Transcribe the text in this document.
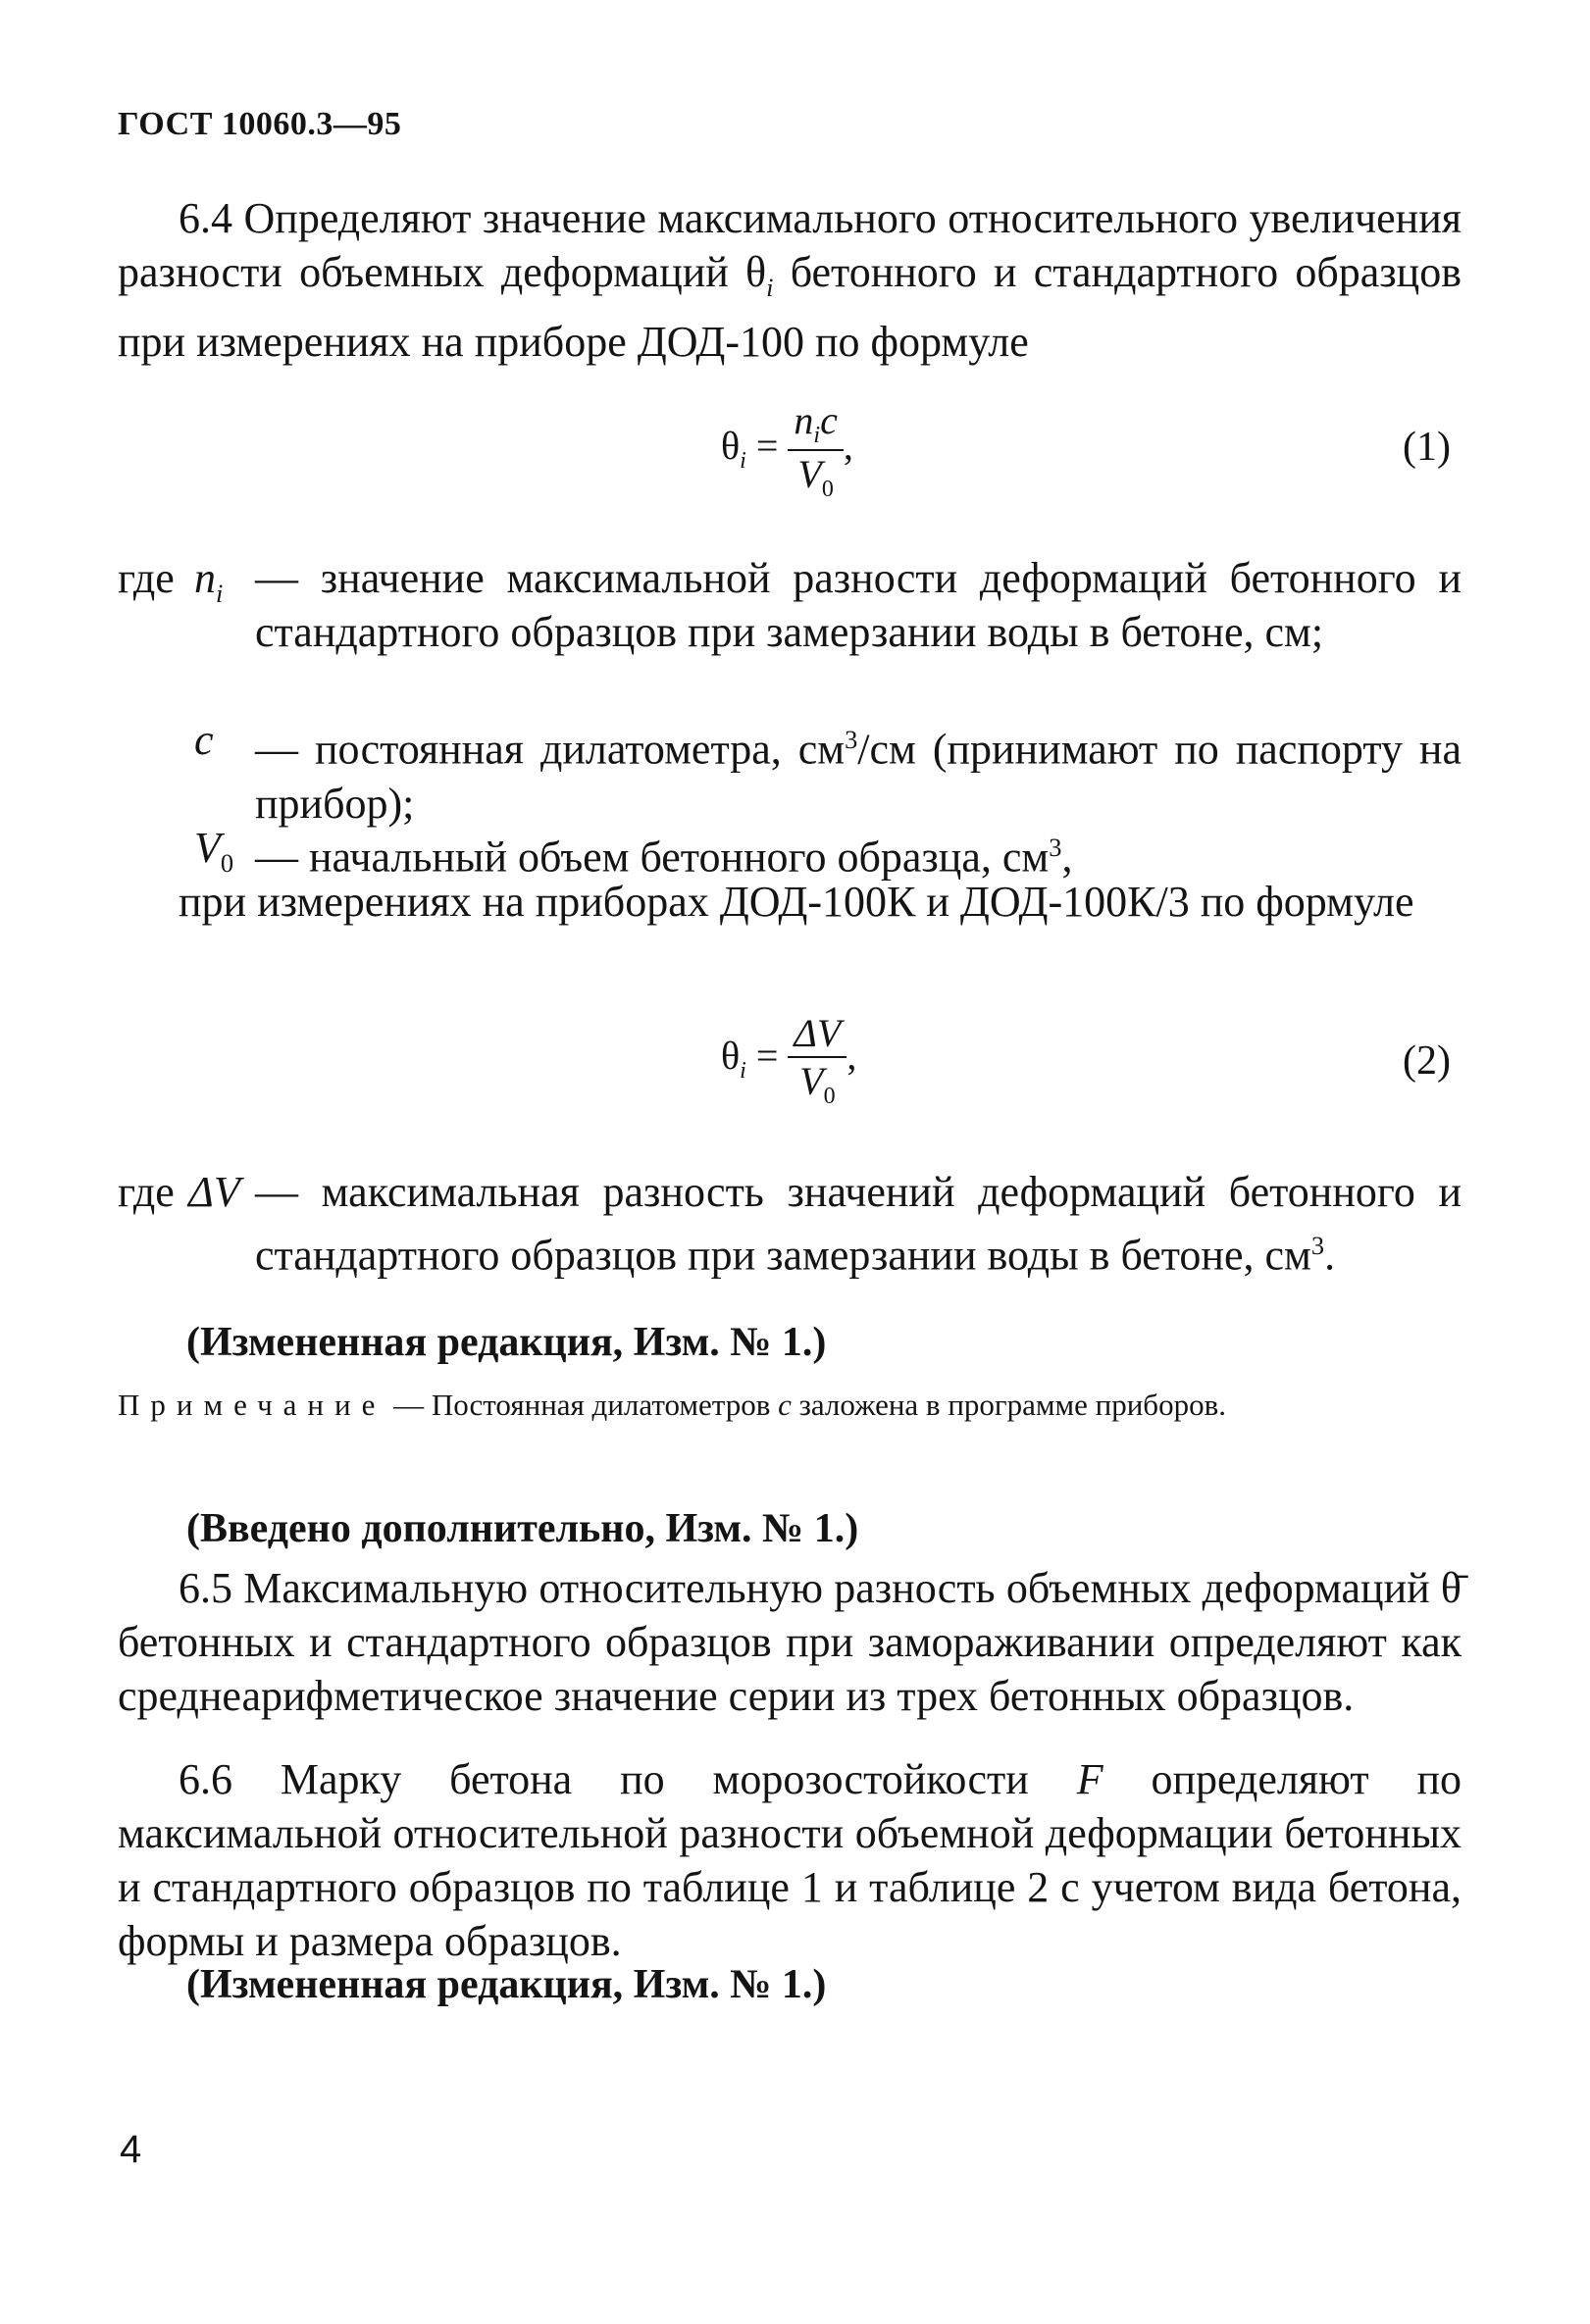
ГОСТ 10060.3—95
6.4 Определяют значение максимального относительного увеличения разности объемных деформаций $\theta_i$ бетонного и стандартного образцов при измерениях на приборе ДОД-100 по формуле
$\theta_i = \frac{n_ic}{V_0}$ ,	(1)
где $n_i$ — значение максимальной разности деформаций бетонного и стандартного образцов при замерзании воды в бетоне, см;
c — постоянная дилатометра, $см^3/см$ (принимают по паспорту на прибор);
$V_0$ — начальный объем бетонного образца, $см^3$,
при измерениях на приборах ДОД-100К и ДОД-100К/3 по формуле
$\theta_i = \frac{\Delta V}{V_0}$ ,	(2)
где ΔV — максимальная разность значений деформаций бетонного и стандартного образцов при замерзании воды в бетоне, $см^3$.
(Измененная редакция, Изм. № 1.)
Примечание — Постоянная дилатометров c заложена в программе приборов.
(Введено дополнительно, Изм. № 1.)
6.5 Максимальную относительную разность объемных деформаций θ̄ бетонных и стандартного образцов при замораживании определяют как среднеарифметическое значение серии из трех бетонных образцов.
6.6 Марку бетона по морозостойкости F определяют по максимальной относительной разности объемной деформации бетонных и стандартного образцов по таблице 1 и таблице 2 с учетом вида бетона, формы и размера образцов.
(Измененная редакция, Изм. № 1.)
4
